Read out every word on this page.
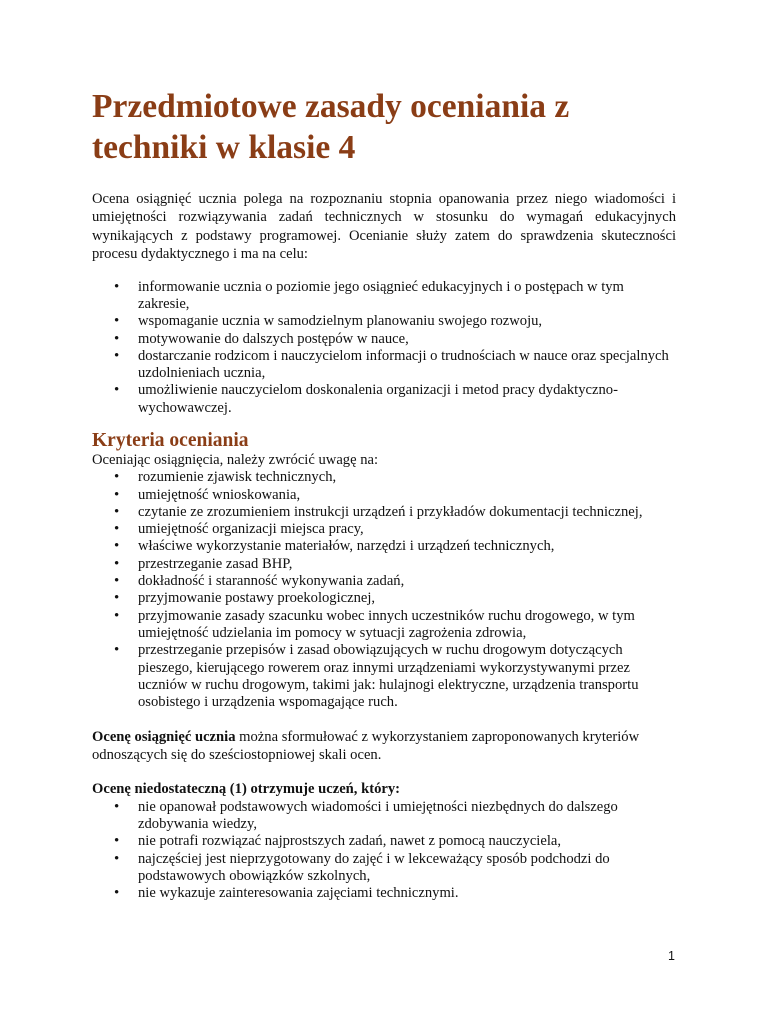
Przedmiotowe zasady oceniania z techniki w klasie 4

Ocena osiągnięć ucznia polega na rozpoznaniu stopnia opanowania przez niego wiadomości i umiejętności rozwiązywania zadań technicznych w stosunku do wymagań edukacyjnych wynikających z podstawy programowej. Ocenianie służy zatem do sprawdzenia skuteczności procesu dydaktycznego i ma na celu:

• informowanie ucznia o poziomie jego osiągnieć edukacyjnych i o postępach w tym zakresie,
• wspomaganie ucznia w samodzielnym planowaniu swojego rozwoju,
• motywowanie do dalszych postępów w nauce,
• dostarczanie rodzicom i nauczycielom informacji o trudnościach w nauce oraz specjalnych uzdolnieniach ucznia,
• umożliwienie nauczycielom doskonalenia organizacji i metod pracy dydaktyczno-wychowawczej.
Kryteria oceniania

Oceniając osiągnięcia, należy zwrócić uwagę na:

• rozumienie zjawisk technicznych,
• umiejętność wnioskowania,
• czytanie ze zrozumieniem instrukcji urządzeń i przykładów dokumentacji technicznej,
• umiejętność organizacji miejsca pracy,
• właściwe wykorzystanie materiałów, narzędzi i urządzeń technicznych,
• przestrzeganie zasad BHP,
• dokładność i staranność wykonywania zadań,
• przyjmowanie postawy proekologicznej,
• przyjmowanie zasady szacunku wobec innych uczestników ruchu drogowego, w tym umiejętność udzielania im pomocy w sytuacji zagrożenia zdrowia,
• przestrzeganie przepisów i zasad obowiązujących w ruchu drogowym dotyczących pieszego, kierującego rowerem oraz innymi urządzeniami wykorzystywanymi przez uczniów w ruchu drogowym, takimi jak: hulajnogi elektryczne, urządzenia transportu osobistego i urządzenia wspomagające ruch.

Ocenę osiągnięć ucznia można sformułować z wykorzystaniem zaproponowanych kryteriów odnoszących się do sześciostopniowej skali ocen.

Ocenę niedostateczną (1) otrzymuje uczeń, który:

• nie opanował podstawowych wiadomości i umiejętności niezbędnych do dalszego zdobywania wiedzy,
• nie potrafi rozwiązać najprostszych zadań, nawet z pomocą nauczyciela,
• najczęściej jest nieprzygotowany do zajęć i w lekceważący sposób podchodzi do podstawowych obowiązków szkolnych,
• nie wykazuje zainteresowania zajęciami technicznymi.
1
